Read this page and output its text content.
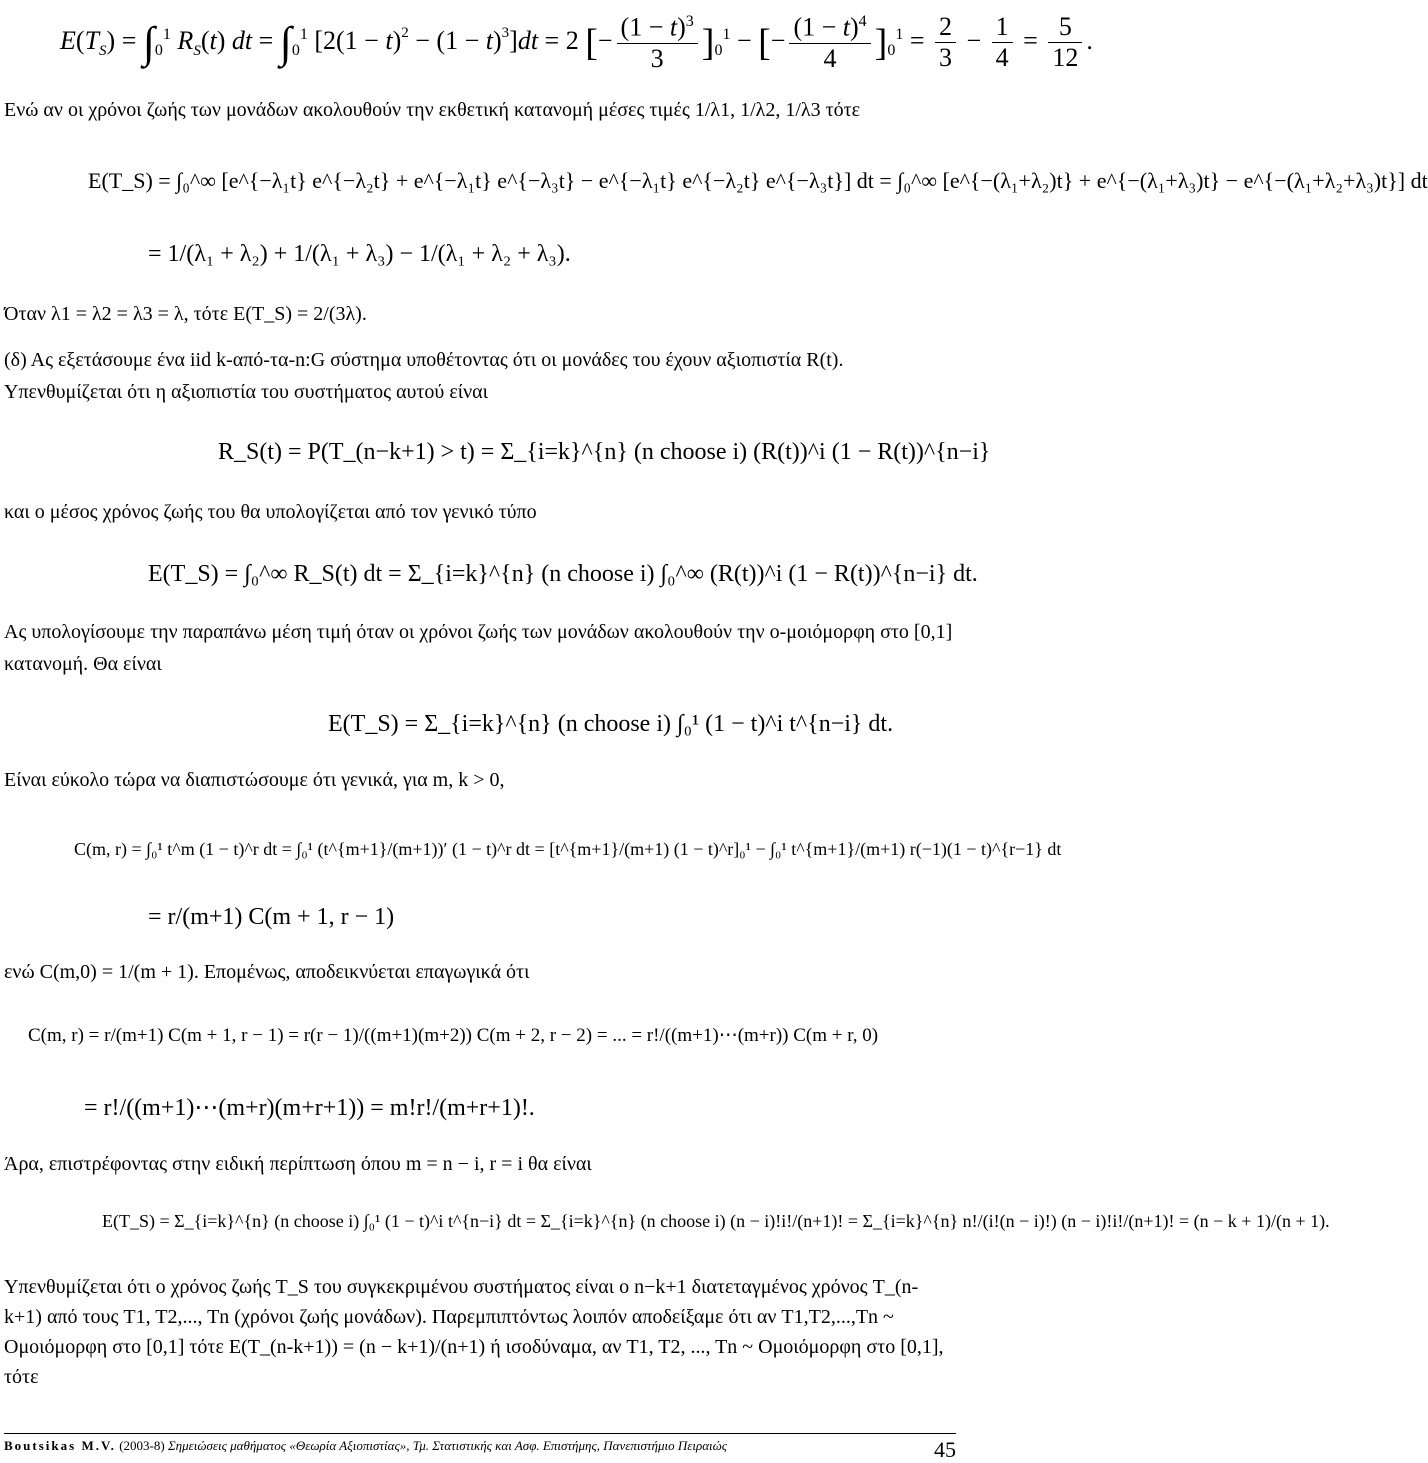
$E(T_S) = \int_0^1$ $R_S(t)$ dt = $\int_0^1$ $[2(1 - t)^2 - (1 - t)^3]dt = 2$ [− $\frac{(1 - t)^3}{3} ]_0^1$ − [− $\frac{(1 - t)^4}{4} ]_0^1 = \frac{2}{3} - \frac{1}{4} = \frac{5}{12}$ .
Ενώ αν οι χρόνοι ζωής των μονάδων ακολουθούν την εκθετική κατανομή μέσες τιμές 1/λ1, 1/λ2, 1/λ3 τότε
E(T_S) = ∫₀^∞ [e^{−λ₁t} e^{−λ₂t} + e^{−λ₁t} e^{−λ₃t} − e^{−λ₁t} e^{−λ₂t} e^{−λ₃t}] dt = ∫₀^∞ [e^{−(λ₁+λ₂)t} + e^{−(λ₁+λ₃)t} − e^{−(λ₁+λ₂+λ₃)t}] dt
= 1/(λ₁ + λ₂) + 1/(λ₁ + λ₃) − 1/(λ₁ + λ₂ + λ₃).
Όταν λ1 = λ2 = λ3 = λ, τότε E(T_S) = 2/(3λ).
(δ) Ας εξετάσουμε ένα iid k-από-τα-n:G σύστημα υποθέτοντας ότι οι μονάδες του έχουν αξιοπιστία R(t). Υπενθυμίζεται ότι η αξιοπιστία του συστήματος αυτού είναι
R_S(t) = P(T_(n−k+1) > t) = Σ_{i=k}^{n} (n choose i) (R(t))^i (1 − R(t))^{n−i}
και ο μέσος χρόνος ζωής του θα υπολογίζεται από τον γενικό τύπο
E(T_S) = ∫₀^∞ R_S(t) dt = Σ_{i=k}^{n} (n choose i) ∫₀^∞ (R(t))^i (1 − R(t))^{n−i} dt.
Ας υπολογίσουμε την παραπάνω μέση τιμή όταν οι χρόνοι ζωής των μονάδων ακολουθούν την ο-μοιόμορφη στο [0,1] κατανομή. Θα είναι
E(T_S) = Σ_{i=k}^{n} (n choose i) ∫₀¹ (1 − t)^i t^{n−i} dt.
Είναι εύκολο τώρα να διαπιστώσουμε ότι γενικά, για m, k > 0,
C(m, r) = ∫₀¹ t^m (1 − t)^r dt = ∫₀¹ (t^{m+1}/(m+1))′ (1 − t)^r dt = [t^{m+1}/(m+1) (1 − t)^r]₀¹ − ∫₀¹ t^{m+1}/(m+1) r(−1)(1 − t)^{r−1} dt
= r/(m+1) C(m + 1, r − 1)
ενώ C(m,0) = 1/(m + 1). Επομένως, αποδεικνύεται επαγωγικά ότι
C(m, r) = r/(m+1) C(m + 1, r − 1) = r(r − 1)/((m+1)(m+2)) C(m + 2, r − 2) = ... = r!/((m+1)⋯(m+r)) C(m + r, 0)
= r!/((m+1)⋯(m+r)(m+r+1)) = m!r!/(m+r+1)!.
Άρα, επιστρέφοντας στην ειδική περίπτωση όπου m = n − i, r = i θα είναι
E(T_S) = Σ_{i=k}^{n} (n choose i) ∫₀¹ (1 − t)^i t^{n−i} dt = Σ_{i=k}^{n} (n choose i) (n − i)!i!/(n+1)! = Σ_{i=k}^{n} n!/(i!(n − i)!) (n − i)!i!/(n+1)! = (n − k + 1)/(n + 1).
Υπενθυμίζεται ότι ο χρόνος ζωής T_S του συγκεκριμένου συστήματος είναι ο n−k+1 διατεταγμένος χρόνος T_(n-k+1) από τους T1, T2,..., Tn (χρόνοι ζωής μονάδων). Παρεμπιπτόντως λοιπόν αποδείξαμε ότι αν T1,T2,...,Tn ~ Ομοιόμορφη στο [0,1] τότε E(T_(n-k+1)) = (n − k+1)/(n+1) ή ισοδύναμα, αν T1, T2, ..., Tn ~ Ομοιόμορφη στο [0,1], τότε
Boutsikas M.V. (2003-8) Σημειώσεις μαθήματος «Θεωρία Αξιοπιστίας», Τμ. Στατιστικής και Ασφ. Επιστήμης, Πανεπιστήμιο Πειραιώς	45
